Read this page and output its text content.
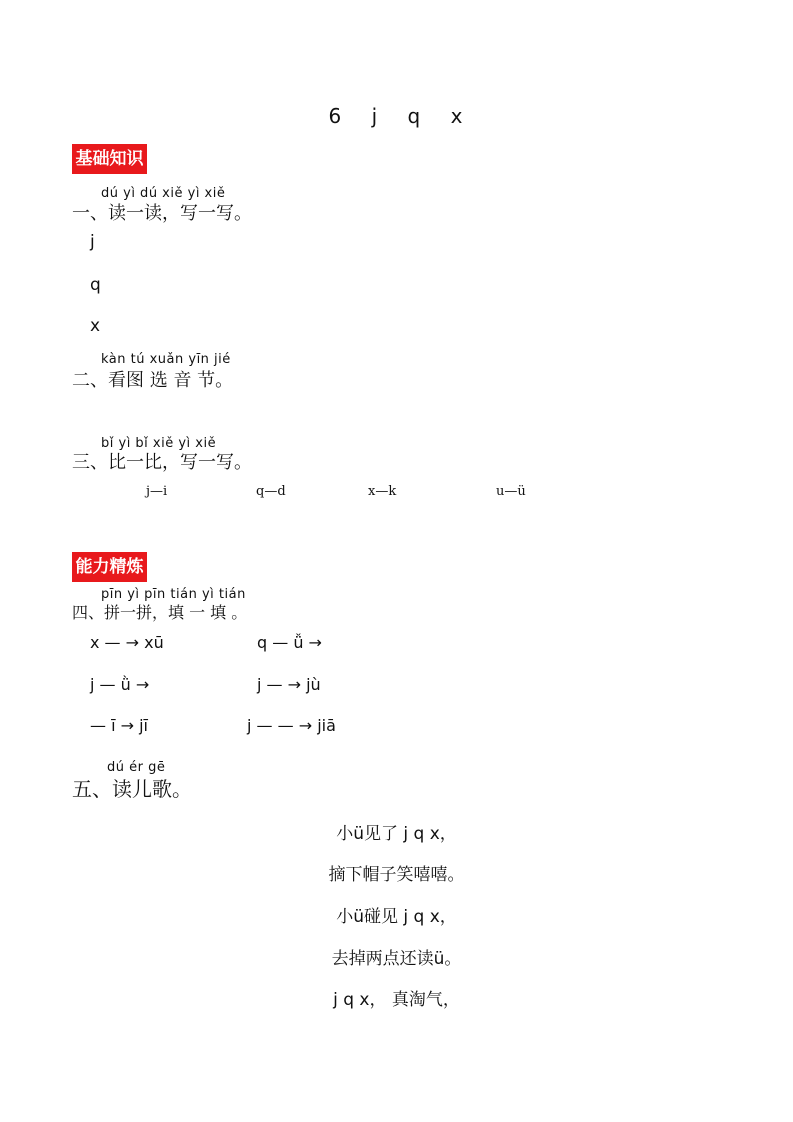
6 j q x
基础知识
dú yì dú xiě yì xiě
一、读一读，写一写。
j
q
x
kàn tú xuǎn yīn jié
二、看图 选 音 节。
bǐ yì bǐ xiě yì xiě
三、比一比，写一写。
j—i	q—d	x—k	u—ü
能力精炼
pīn yì pīn tián yì tián
四、拼一拼，填 一 填 。
x — → xū	q — ǚ →
j — ǜ →	j — → jù
— ī → jī	j — — → jiā
dú ér gē
五、读儿歌。
小ü见了 j q x，
摘下帽子笑嘻嘻。
小ü碰见 j q x，
去掉两点还读ü。
j q x， 真淘气，
